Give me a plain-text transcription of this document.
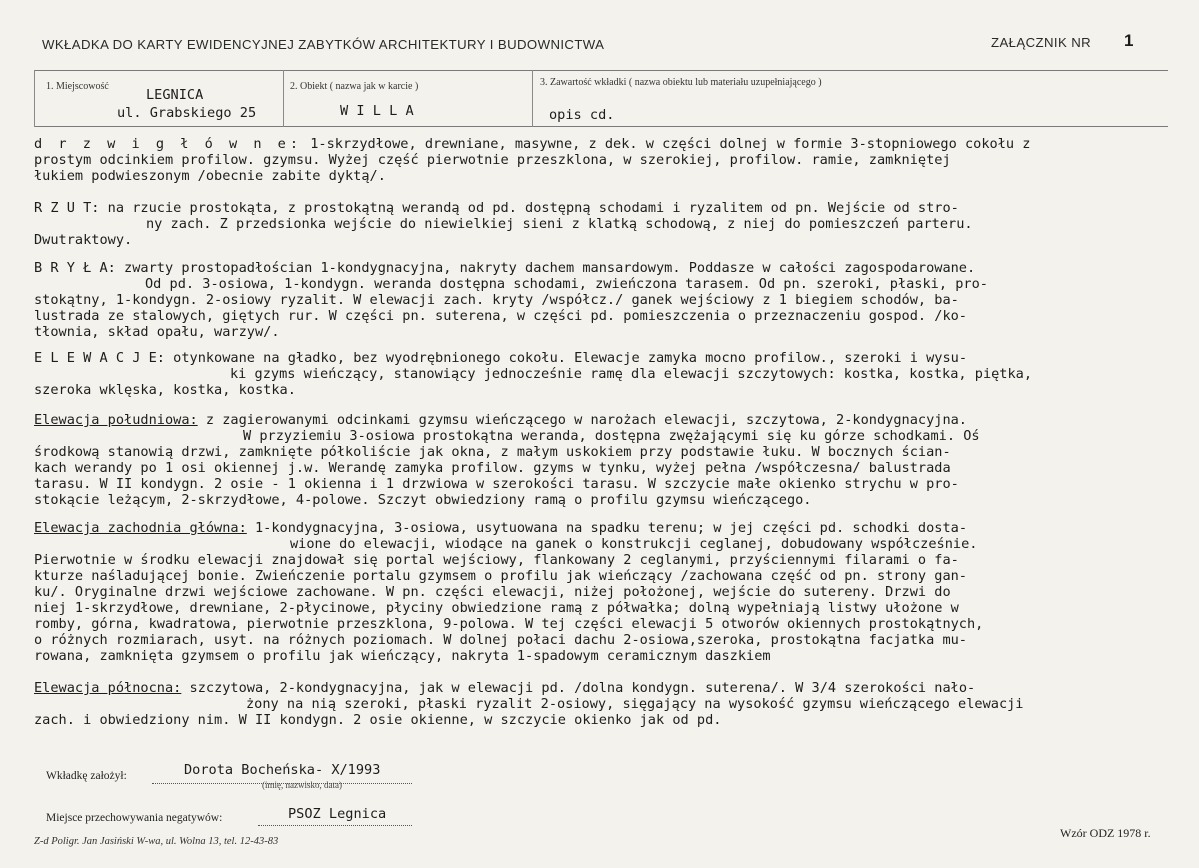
WKŁADKA DO KARTY EWIDENCYJNEJ ZABYTKÓW ARCHITEKTURY I BUDOWNICTWA	ZAŁĄCZNIK NR 1
1. Miejscowość
LEGNICA
ul. Grabskiego 25
2. Obiekt ( nazwa jak w karcie )
W I L L A
3. Zawartość wkładki ( nazwa obiektu lub materiału uzupełniającego )
opis cd.
d r z w i g ł ó w n e: 1-skrzydłowe, drewniane, masywne, z dek. w części dolnej w formie 3-stopniowego cokołu z
prostym odcinkiem profilow. gzymsu. Wyżej część pierwotnie przeszklona, w szerokiej, profilow. ramie, zamkniętej
łukiem podwieszonym /obecnie zabite dyktą/.
R Z U T: na rzucie prostokąta, z prostokątną werandą od pd. dostępną schodami i ryzalitem od pn. Wejście od stro-
ny zach. Z przedsionka wejście do niewielkiej sieni z klatką schodową, z niej do pomieszczeń parteru.
Dwutraktowy.
B R Y Ł A: zwarty prostopadłościan 1-kondygnacyjna, nakryty dachem mansardowym. Poddasze w całości zagospodarowane.
Od pd. 3-osiowa, 1-kondygn. weranda dostępna schodami, zwieńczona tarasem. Od pn. szeroki, płaski, pro-
stokątny, 1-kondygn. 2-osiowy ryzalit. W elewacji zach. kryty /współcz./ ganek wejściowy z 1 biegiem schodów, ba-
lustrada ze stalowych, giętych rur. W części pn. suterena, w części pd. pomieszczenia o przeznaczeniu gospod. /ko-
tłownia, skład opału, warzyw/.
E L E W A C J E: otynkowane na gładko, bez wyodrębnionego cokołu. Elewacje zamyka mocno profilow., szeroki i wysu-
ki gzyms wieńczący, stanowiący jednocześnie ramę dla elewacji szczytowych: kostka, kostka, piętka,
szeroka wklęska, kostka, kostka.
Elewacja południowa: z zagierowanymi odcinkami gzymsu wieńczącego w narożach elewacji, szczytowa, 2-kondygnacyjna.
W przyziemiu 3-osiowa prostokątna weranda, dostępna zwężającymi się ku górze schodkami. Oś
środkową stanowią drzwi, zamknięte półkoliście jak okna, z małym uskokiem przy podstawie łuku. W bocznych ścian-
kach werandy po 1 osi okiennej j.w. Werandę zamyka profilow. gzyms w tynku, wyżej pełna /współczesna/ balustrada
tarasu. W II kondygn. 2 osie - 1 okienna i 1 drzwiowa w szerokości tarasu. W szczycie małe okienko strychu w pro-
stokącie leżącym, 2-skrzydłowe, 4-polowe. Szczyt obwiedziony ramą o profilu gzymsu wieńczącego.
Elewacja zachodnia główna: 1-kondygnacyjna, 3-osiowa, usytuowana na spadku terenu; w jej części pd. schodki dosta-
wione do elewacji, wiodące na ganek o konstrukcji ceglanej, dobudowany współcześnie.
Pierwotnie w środku elewacji znajdował się portal wejściowy, flankowany 2 ceglanymi, przyściennymi filarami o fa-
kturze naśladującej bonie. Zwieńczenie portalu gzymsem o profilu jak wieńczący /zachowana część od pn. strony gan-
ku/. Oryginalne drzwi wejściowe zachowane. W pn. części elewacji, niżej położonej, wejście do sutereny. Drzwi do
niej 1-skrzydłowe, drewniane, 2-płycinowe, płyciny obwiedzione ramą z półwałka; dolną wypełniają listwy ułożone w
romby, górna, kwadratowa, pierwotnie przeszklona, 9-polowa. W tej części elewacji 5 otworów okiennych prostokątnych,
o różnych rozmiarach, usyt. na różnych poziomach. W dolnej połaci dachu 2-osiowa,szeroka, prostokątna facjatka mu-
rowana, zamknięta gzymsem o profilu jak wieńczący, nakryta 1-spadowym ceramicznym daszkiem
Elewacja północna: szczytowa, 2-kondygnacyjna, jak w elewacji pd. /dolna kondygn. suterena/. W 3/4 szerokości nało-
żony na nią szeroki, płaski ryzalit 2-osiowy, sięgający na wysokość gzymsu wieńczącego elewacji
zach. i obwiedziony nim. W II kondygn. 2 osie okienne, w szczycie okienko jak od pd.
Wkładkę założył:	Dorota Bocheńska- X/1993
(imię, nazwisko, data)
Miejsce przechowywania negatywów:	PSOZ Legnica
Z-d Poligr. Jan Jasiński W-wa, ul. Wolna 13, tel. 12-43-83
Wzór ODZ 1978 r.
